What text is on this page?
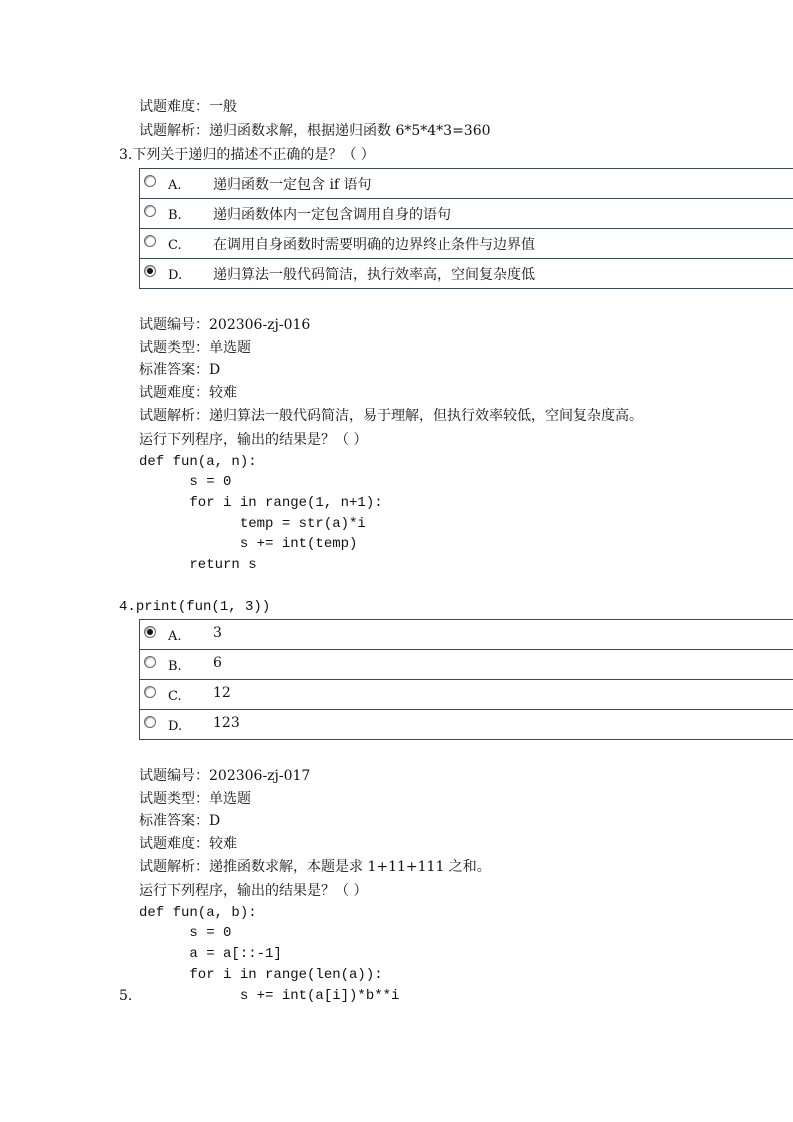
试题难度：一般
试题解析：递归函数求解，根据递归函数 6*5*4*3=360
3.下列关于递归的描述不正确的是？（ ）
A. 递归函数一定包含 if 语句
B. 递归函数体内一定包含调用自身的语句
C. 在调用自身函数时需要明确的边界终止条件与边界值
D. 递归算法一般代码简洁，执行效率高，空间复杂度低
试题编号：202306-zj-016
试题类型：单选题
标准答案：D
试题难度：较难
试题解析：递归算法一般代码简洁，易于理解，但执行效率较低，空间复杂度高。
运行下列程序，输出的结果是？（ ）
def fun(a, n):
s = 0
for i in range(1, n+1):
temp = str(a)*i
s += int(temp)
return s
4.print(fun(1, 3))
A. 3
B. 6
C. 12
D. 123
试题编号：202306-zj-017
试题类型：单选题
标准答案：D
试题难度：较难
试题解析：递推函数求解，本题是求 1+11+111 之和。
运行下列程序，输出的结果是？（ ）
def fun(a, b):
s = 0
a = a[::-1]
for i in range(len(a)):
5. s += int(a[i])*b**i
